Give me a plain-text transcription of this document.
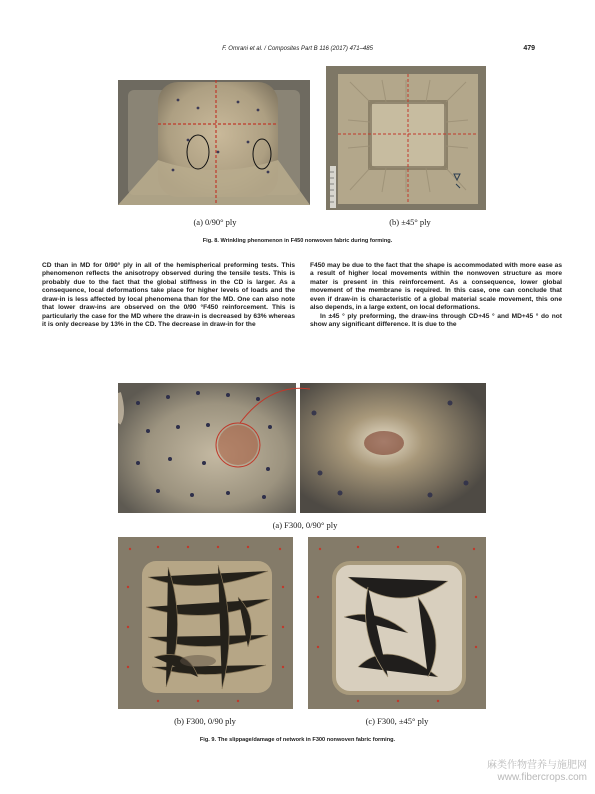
F. Omrani et al. / Composites Part B 116 (2017) 471–485	479
(a) 0/90° ply	(b) ±45° ply
Fig. 8. Wrinkling phenomenon in F450 nonwoven fabric during forming.

CD than in MD for 0/90° ply in all of the hemispherical preforming tests. This phenomenon reflects the anisotropy observed during the tensile tests. This is probably due to the fact that the global stiffness in the CD is larger. As a consequence, local deformations take place for higher levels of loads and the draw-in is less affected by local phenomena than for the MD. One can also note that lower draw-ins are observed on the 0/90 °F450 reinforcement. This is particularly the case for the MD where the draw-in is decreased by 63% whereas it is only decrease by 13% in the CD. The decrease in draw-in for the

F450 may be due to the fact that the shape is accommodated with more ease as a result of higher local movements within the nonwoven structure as more mater is present in this reinforcement. As a consequence, lower global movement of the membrane is required. In this case, one can conclude that even if draw-in is characteristic of a global material scale movement, this one also depends, in a large extent, on local deformations.

In ±45 ° ply preforming, the draw-ins through CD+45 ° and MD+45 ° do not show any significant difference. It is due to the

(a) F300, 0/90° ply
(b) F300, 0/90 ply	(c) F300, ±45° ply
Fig. 9. The slippage/damage of network in F300 nonwoven fabric forming.
麻类作物营养与施肥网
www.fibercrops.com
